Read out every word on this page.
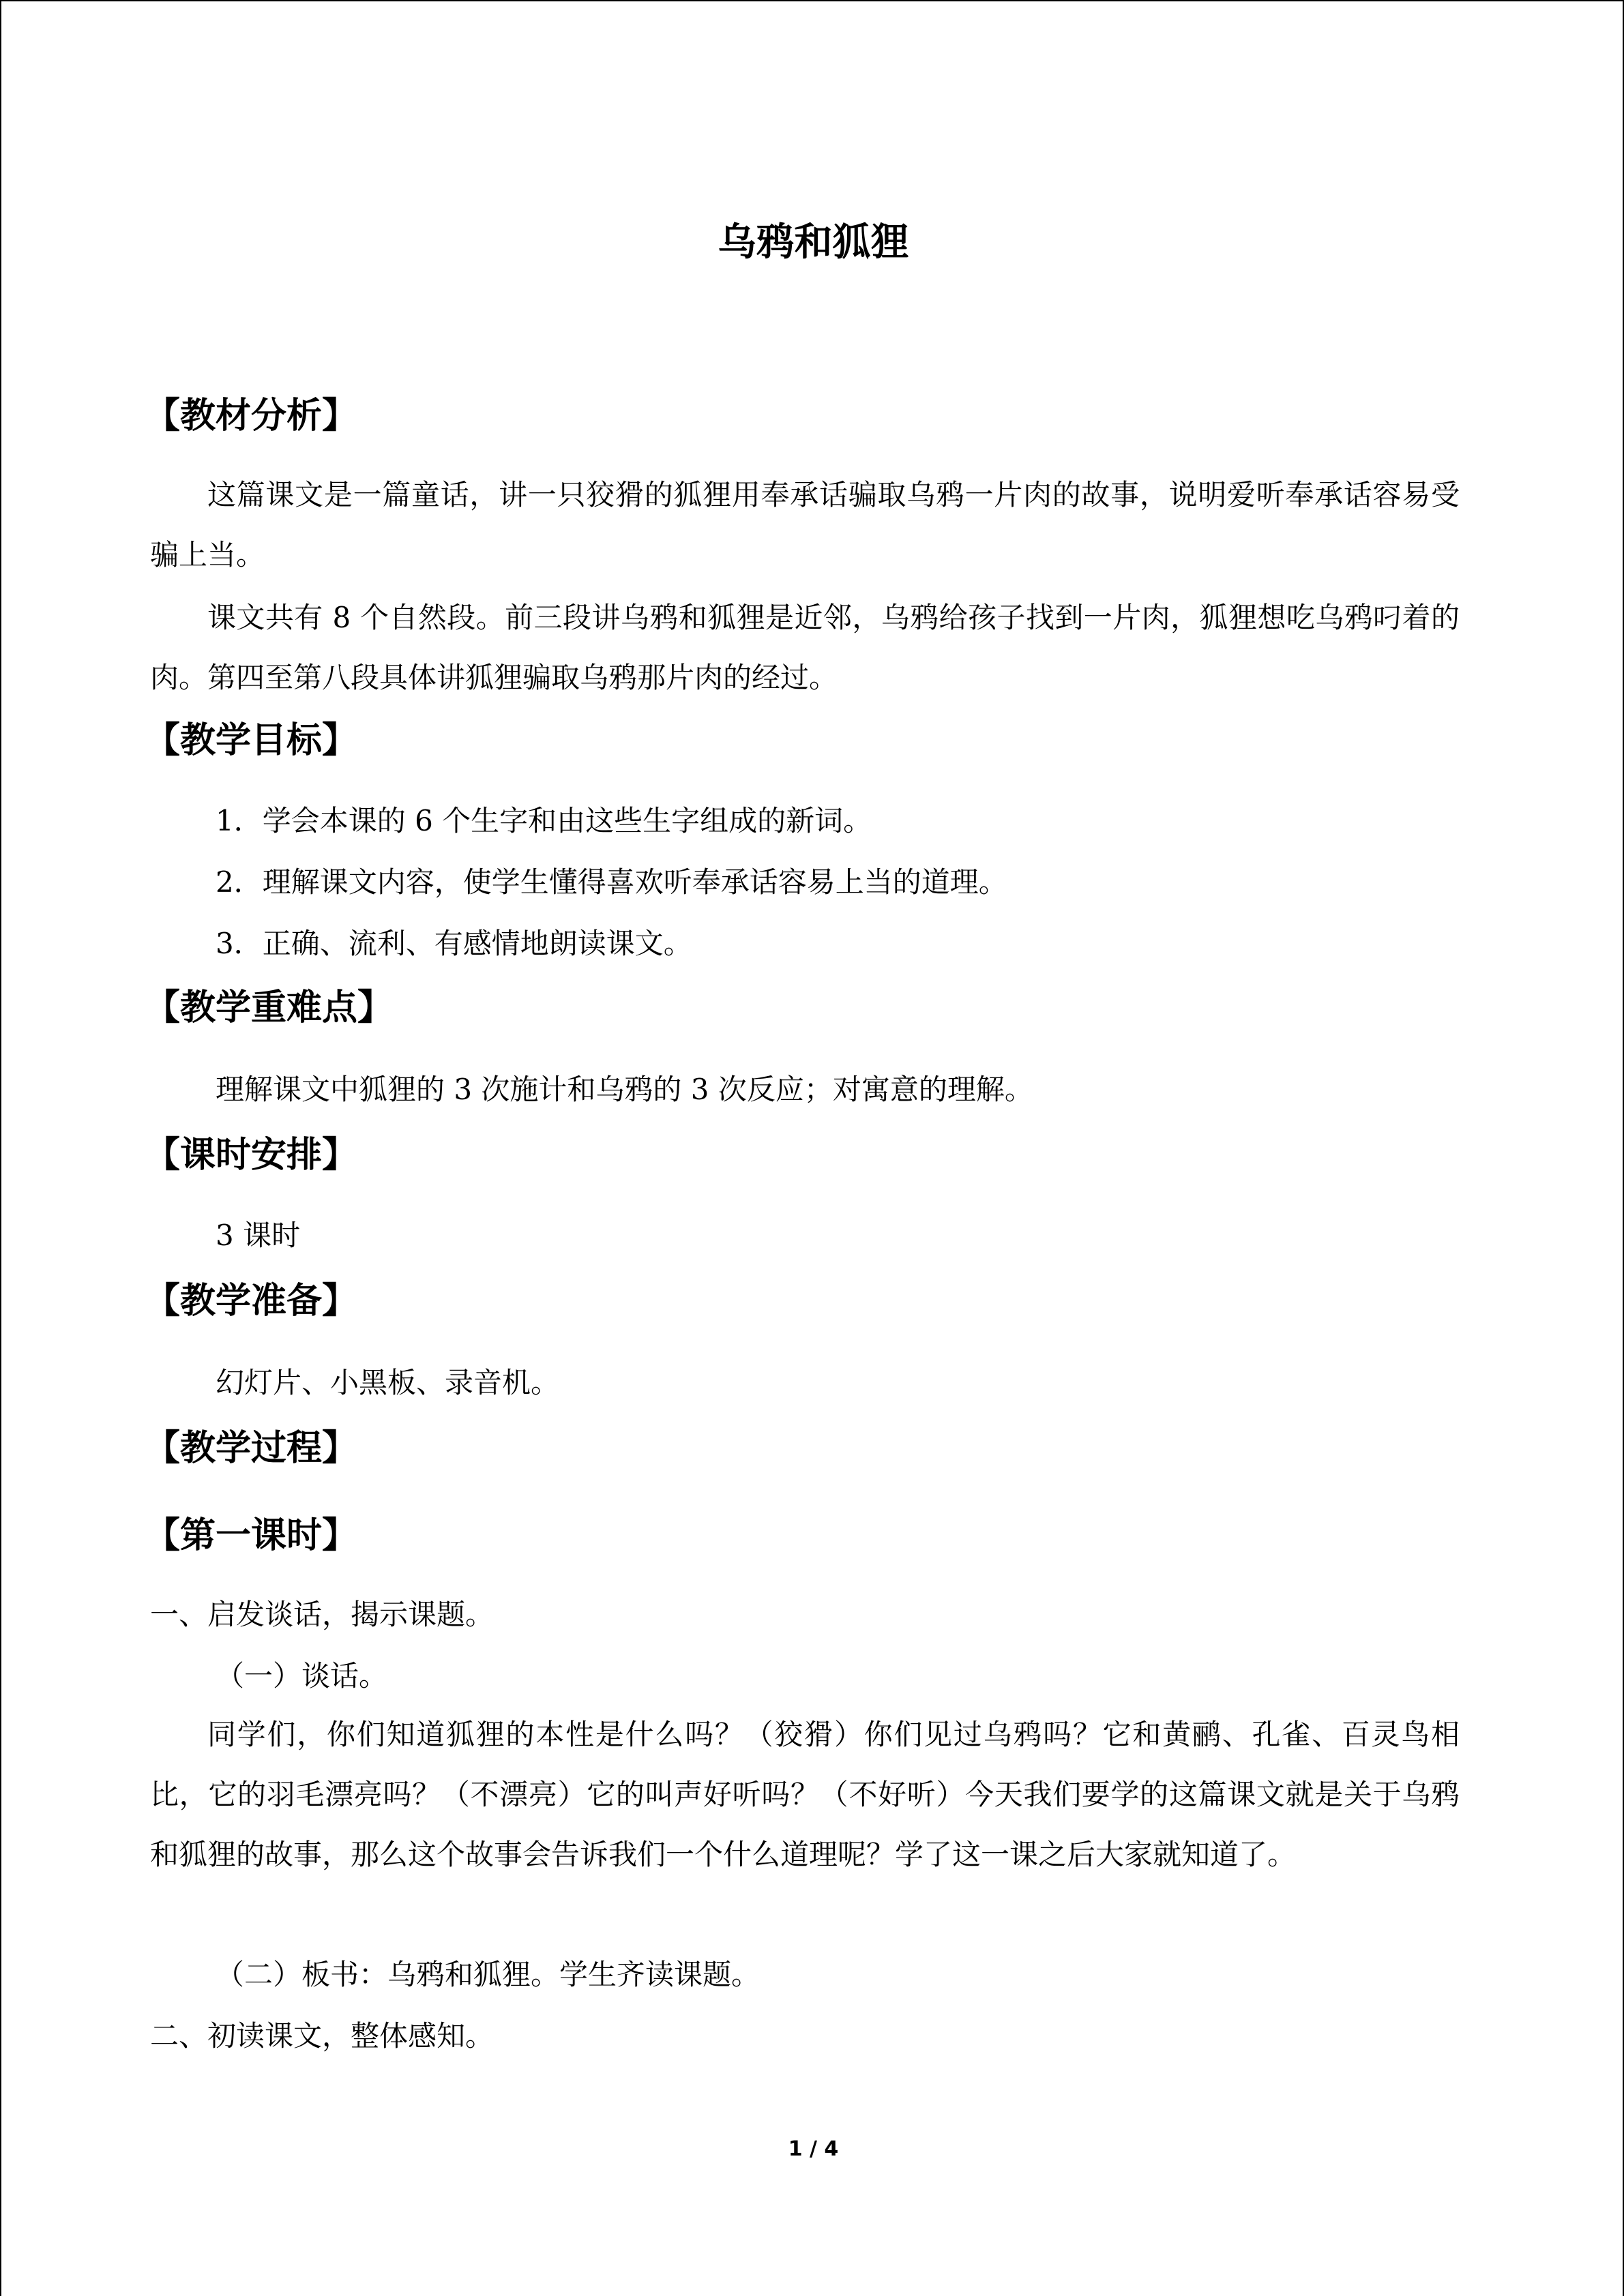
乌鸦和狐狸
【教材分析】

这篇课文是一篇童话，讲一只狡猾的狐狸用奉承话骗取乌鸦一片肉的故事，说明爱听奉承话容易受骗上当。

课文共有 8 个自然段。前三段讲乌鸦和狐狸是近邻，乌鸦给孩子找到一片肉，狐狸想吃乌鸦叼着的肉。第四至第八段具体讲狐狸骗取乌鸦那片肉的经过。

【教学目标】

1．学会本课的 6 个生字和由这些生字组成的新词。

2．理解课文内容，使学生懂得喜欢听奉承话容易上当的道理。

3．正确、流利、有感情地朗读课文。

【教学重难点】

理解课文中狐狸的 3 次施计和乌鸦的 3 次反应；对寓意的理解。

【课时安排】

3 课时

【教学准备】

幻灯片、小黑板、录音机。

【教学过程】
【第一课时】

一、启发谈话，揭示课题。

（一）谈话。

同学们，你们知道狐狸的本性是什么吗？（狡猾）你们见过乌鸦吗？它和黄鹂、孔雀、百灵鸟相比，它的羽毛漂亮吗？（不漂亮）它的叫声好听吗？（不好听）今天我们要学的这篇课文就是关于乌鸦和狐狸的故事，那么这个故事会告诉我们一个什么道理呢？学了这一课之后大家就知道了。

（二）板书：乌鸦和狐狸。学生齐读课题。

二、初读课文，整体感知。

1 / 4
